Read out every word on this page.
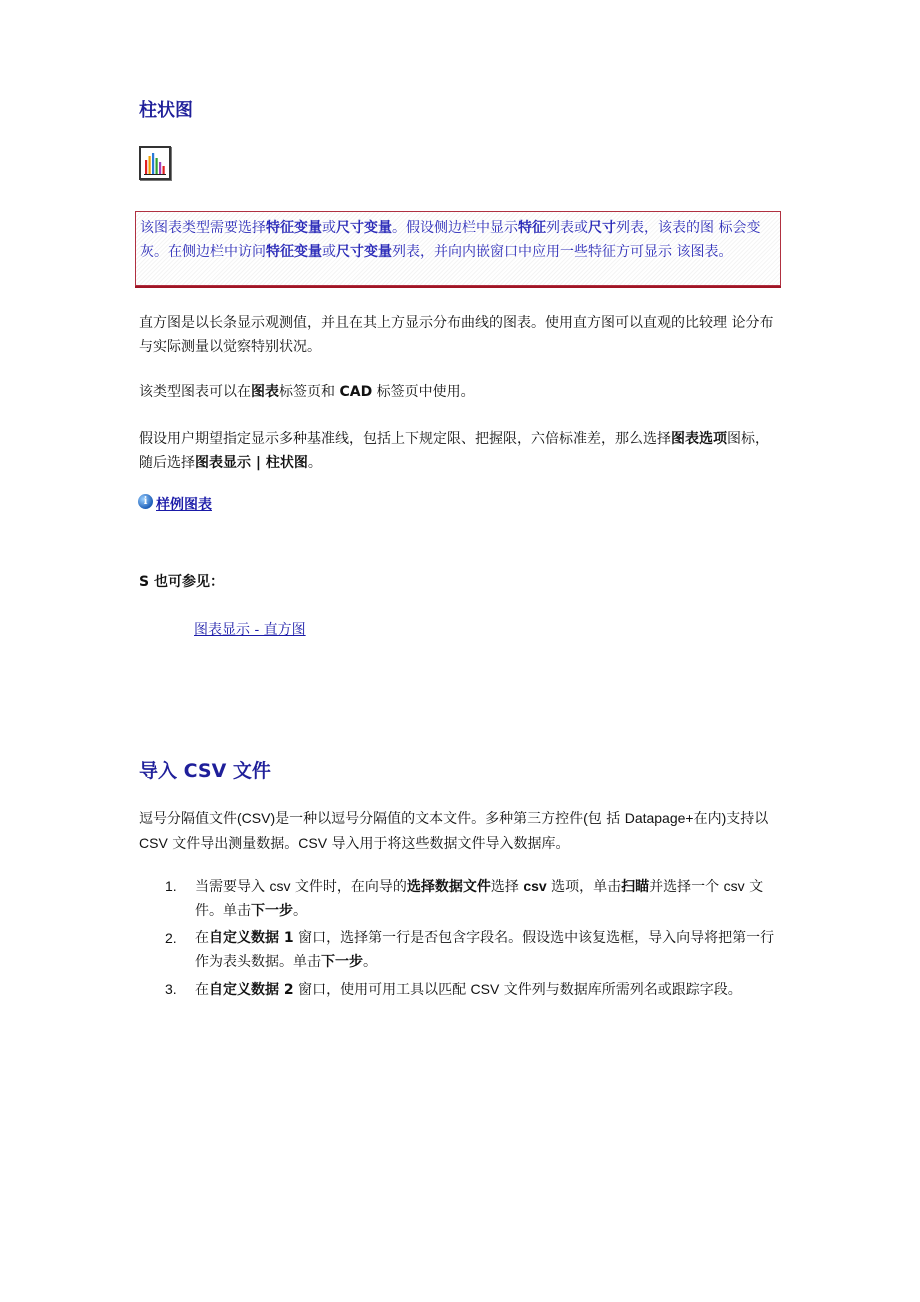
柱状图
该图表类型需要选择特征变量或尺寸变量。假设侧边栏中显示特征列表或尺寸列表，该表的图 标会变灰。在侧边栏中访问特征变量或尺寸变量列表，并向内嵌窗口中应用一些特征方可显示 该图表。

直方图是以长条显示观测值，并且在其上方显示分布曲线的图表。使用直方图可以直观的比较理 论分布与实际测量以觉察特别状况。

该类型图表可以在图表标签页和 CAD 标签页中使用。

假设用户期望指定显示多种基准线，包括上下规定限、把握限，六倍标准差，那么选择图表选项图标，随后选择图表显示 | 柱状图。

i 样例图表

S 也可参见：

图表显示 - 直方图
导入 CSV 文件

逗号分隔值文件(CSV)是一种以逗号分隔值的文本文件。多种第三方控件(包 括 Datapage+在内)支持以 CSV 文件导出测量数据。CSV 导入用于将这些数据文件导入数据库。

1.	当需要导入 csv 文件时，在向导的选择数据文件选择 csv 选项，单击扫瞄并选择一个 csv 文件。单击下一步。
2.	在自定义数据 1 窗口，选择第一行是否包含字段名。假设选中该复选框，导入向导将把第一行作为表头数据。单击下一步。
3.	在自定义数据 2 窗口，使用可用工具以匹配 CSV 文件列与数据库所需列名或跟踪字段。
